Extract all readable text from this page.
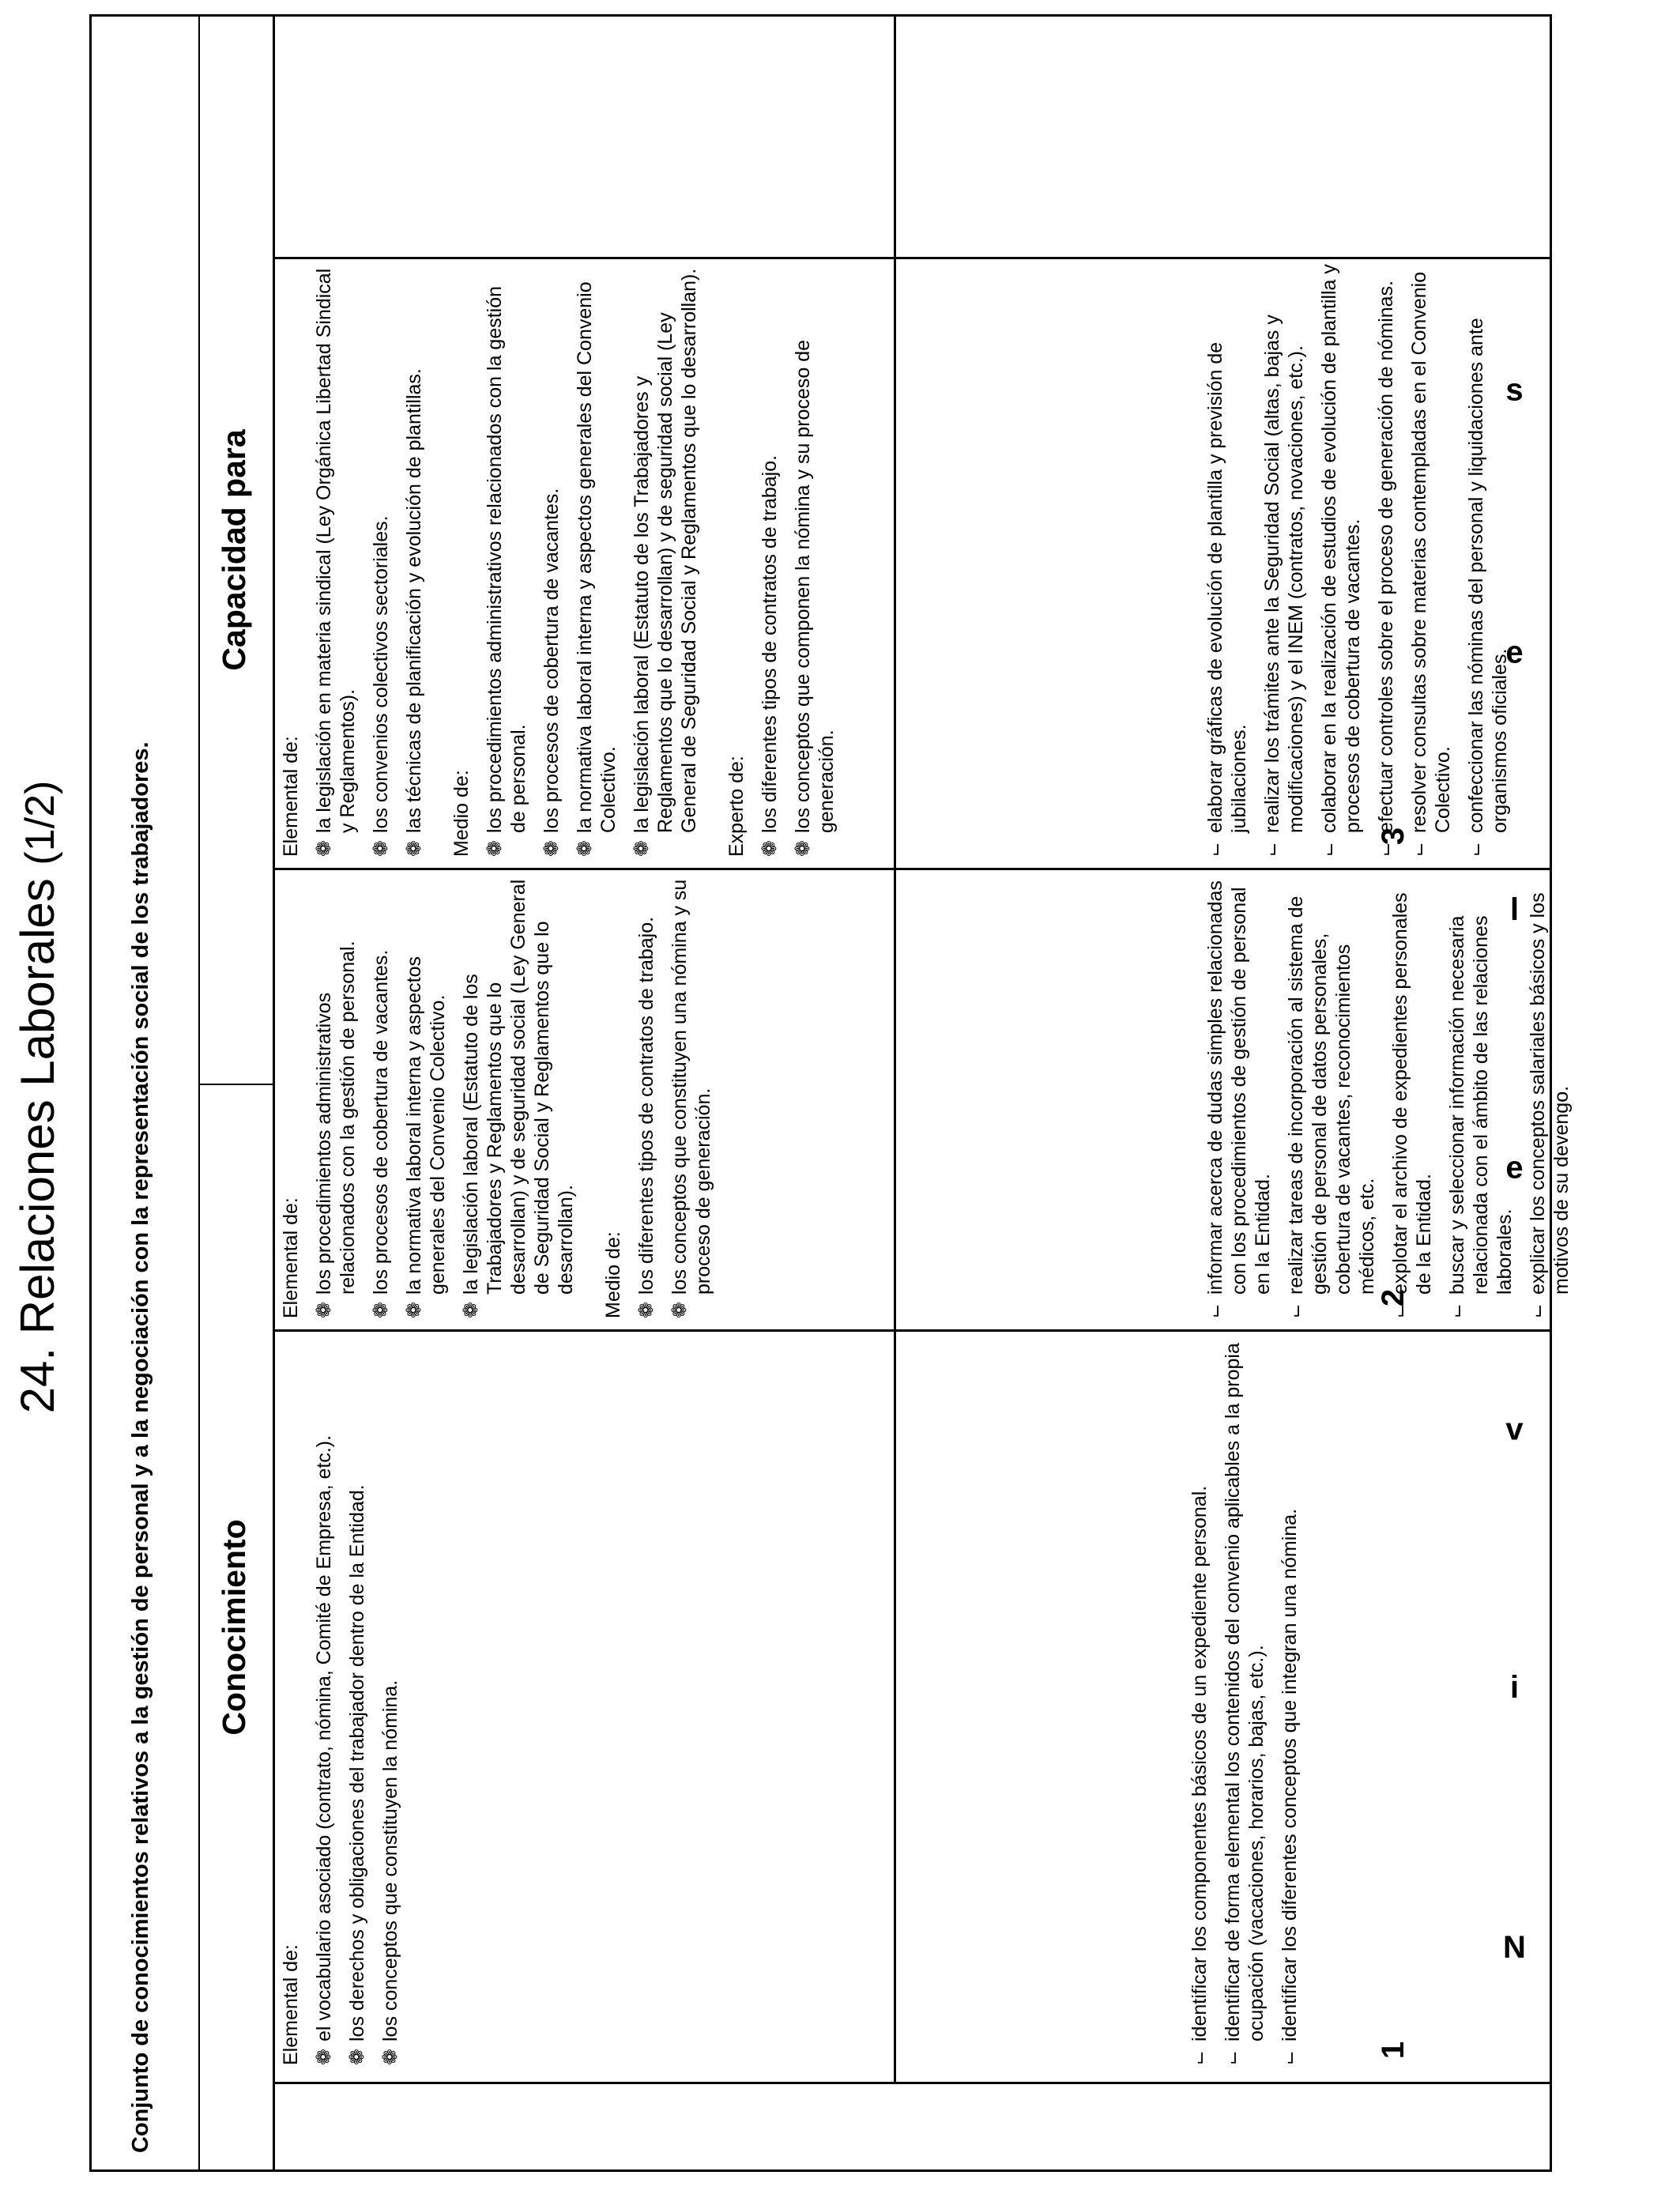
24. Relaciones Laborales (1/2)	Conjunto de conocimientos relativos a la gestión de personal y a la negociación con la representación social de los trabajadores. Conocimiento
Capacidad para
N
i
v
e
l
e
s
1
2
3
Elemental de: ❁
el vocabulario asociado (contrato, nómina, Comité de Empresa, etc.).
❁
los derechos y obligaciones del trabajador dentro de la Entidad.
❁
los conceptos que constituyen la nómina.
Elemental de: ❁
los procedimientos administrativos relacionados con la gestión de personal.
❁
los procesos de cobertura de vacantes.
❁
la normativa laboral interna y aspectos generales del Convenio Colectivo.
❁
la legislación laboral (Estatuto de los Trabajadores y Reglamentos que lo desarrollan) y de seguridad social (Ley General de Seguridad Social y Reglamentos que lo desarrollan). Medio de: ❁
los diferentes tipos de contratos de trabajo.
❁
los conceptos que constituyen una nómina y su proceso de generación.
Elemental de: ❁
la legislación en materia sindical (Ley Orgánica Libertad Sindical y Reglamentos).
❁
los convenios colectivos sectoriales.
❁
las técnicas de planificación y evolución de plantillas. Medio de: ❁
los procedimientos administrativos relacionados con la gestión de personal.
❁
los procesos de cobertura de vacantes.
❁
la normativa laboral interna y aspectos generales del Convenio Colectivo.
❁
la legislación laboral (Estatuto de los Trabajadores y Reglamentos que lo desarrollan) y de seguridad social (Ley General de Seguridad Social y Reglamentos que lo desarrollan). Experto de: ❁
los diferentes tipos de contratos de trabajo.
❁
los conceptos que componen la nómina y su proceso de generación.
⌙
identificar los componentes básicos de un expediente personal.
⌙
identificar de forma elemental los contenidos del convenio aplicables a la propia ocupación (vacaciones, horarios, bajas, etc.).
⌙
identificar los diferentes conceptos que integran una nómina.
⌙
informar acerca de dudas simples relacionadas con los procedimientos de gestión de personal en la Entidad.
⌙
realizar tareas de incorporación al sistema de gestión de personal de datos personales, cobertura de vacantes, reconocimientos médicos, etc.
⌙
explotar el archivo de expedientes personales de la Entidad.
⌙
buscar y seleccionar información necesaria relacionada con el ámbito de las relaciones laborales.
⌙
explicar los conceptos salariales básicos y los motivos de su devengo.
⌙
elaborar gráficas de evolución de plantilla y previsión de jubilaciones.
⌙
realizar los trámites ante la Seguridad Social (altas, bajas y modificaciones) y el INEM (contratos, novaciones, etc.).
⌙
colaborar en la realización de estudios de evolución de plantilla y procesos de cobertura de vacantes.
⌙
efectuar controles sobre el proceso de generación de nóminas.
⌙
resolver consultas sobre materias contempladas en el Convenio Colectivo.
⌙
confeccionar las nóminas del personal y liquidaciones ante organismos oficiales.
